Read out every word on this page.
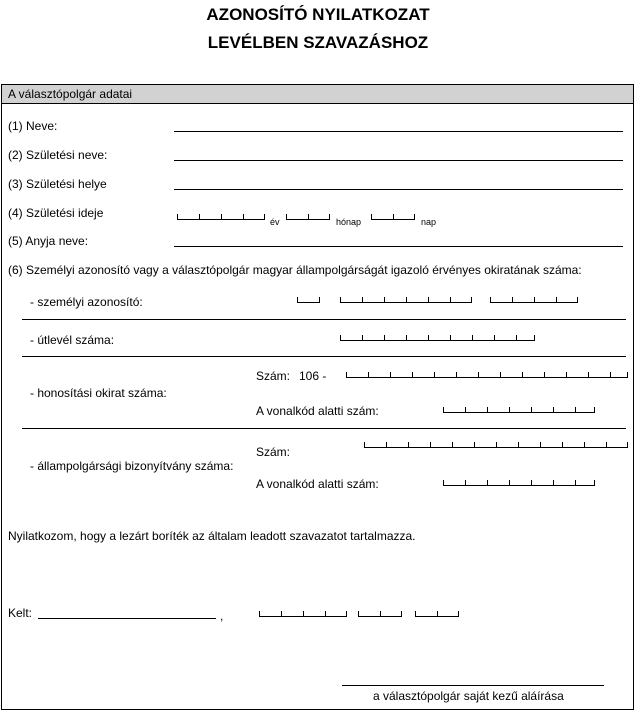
AZONOSÍTÓ NYILATKOZAT
LEVÉLBEN SZAVAZÁSHOZ
A választópolgár adatai
(1) Neve:
(2) Születési neve:
(3) Születési helye
(4) Születési ideje
év	hónap	nap
(5) Anyja neve:
(6) Személyi azonosító vagy a választópolgár magyar állampolgárságát igazoló érvényes okiratának száma:
- személyi azonosító:
- útlevél száma:
Szám: 106 -
- honosítási okirat száma:
A vonalkód alatti szám:
Szám:
- állampolgársági bizonyítvány száma:
A vonalkód alatti szám:
Nyilatkozom, hogy a lezárt boríték az általam leadott szavazatot tartalmazza.
Kelt:	,
a választópolgár saját kezű aláírása
